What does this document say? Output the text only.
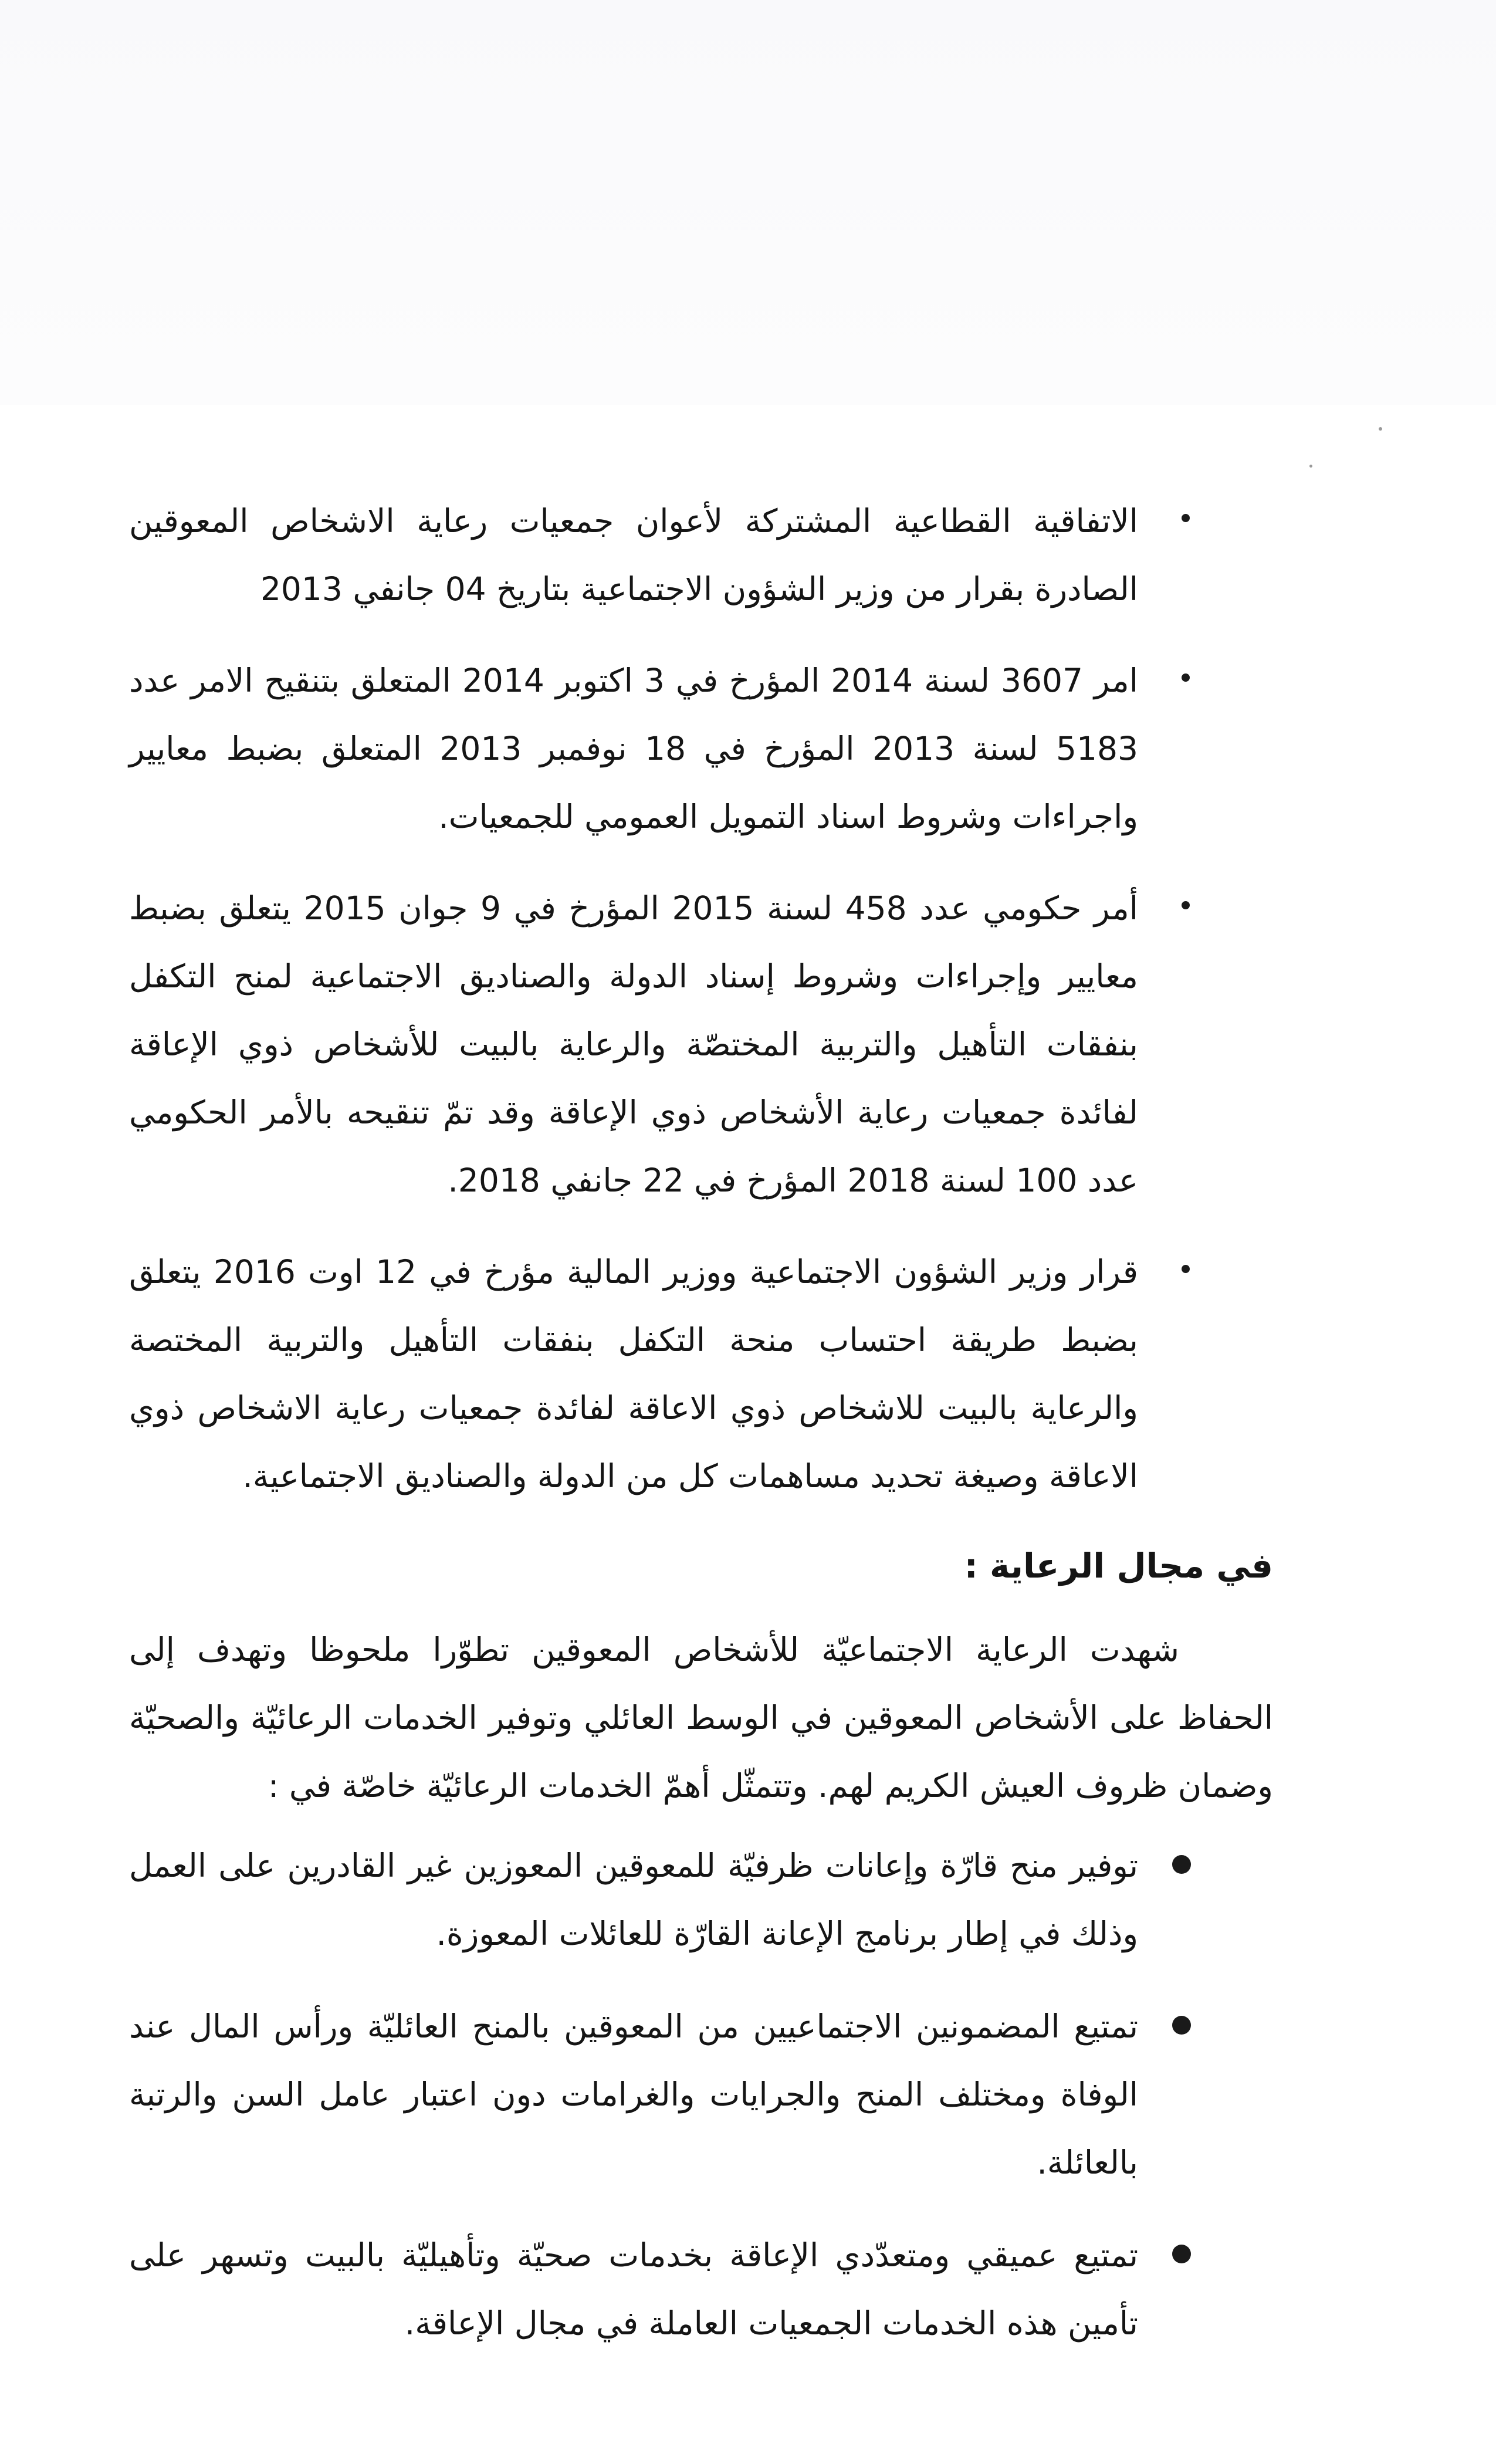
الاتفاقية القطاعية المشتركة لأعوان جمعيات رعاية الاشخاص المعوقين الصادرة بقرار من وزير الشؤون الاجتماعية بتاريخ 04 جانفي 2013
امر 3607 لسنة 2014 المؤرخ في 3 اكتوبر 2014 المتعلق بتنقيح الامر عدد 5183 لسنة 2013 المؤرخ في 18 نوفمبر 2013 المتعلق بضبط معايير واجراءات وشروط اسناد التمويل العمومي للجمعيات.
أمر حكومي عدد 458 لسنة 2015 المؤرخ في 9 جوان 2015 يتعلق بضبط معايير وإجراءات وشروط إسناد الدولة والصناديق الاجتماعية لمنح التكفل بنفقات التأهيل والتربية المختصّة والرعاية بالبيت للأشخاص ذوي الإعاقة لفائدة جمعيات رعاية الأشخاص ذوي الإعاقة وقد تمّ تنقيحه بالأمر الحكومي عدد 100 لسنة 2018 المؤرخ في 22 جانفي 2018.
قرار وزير الشؤون الاجتماعية ووزير المالية مؤرخ في 12 اوت 2016 يتعلق بضبط طريقة احتساب منحة التكفل بنفقات التأهيل والتربية المختصة والرعاية بالبيت للاشخاص ذوي الاعاقة لفائدة جمعيات رعاية الاشخاص ذوي الاعاقة وصيغة تحديد مساهمات كل من الدولة والصناديق الاجتماعية.
في مجال الرعاية :

شهدت الرعاية الاجتماعيّة للأشخاص المعوقين تطوّرا ملحوظا وتهدف إلى الحفاظ على الأشخاص المعوقين في الوسط العائلي وتوفير الخدمات الرعائيّة والصحيّة وضمان ظروف العيش الكريم لهم. وتتمثّل أهمّ الخدمات الرعائيّة خاصّة في :

توفير منح قارّة وإعانات ظرفيّة للمعوقين المعوزين غير القادرين على العمل وذلك في إطار برنامج الإعانة القارّة للعائلات المعوزة.
تمتيع المضمونين الاجتماعيين من المعوقين بالمنح العائليّة ورأس المال عند الوفاة ومختلف المنح والجرايات والغرامات دون اعتبار عامل السن والرتبة بالعائلة.
تمتيع عميقي ومتعدّدي الإعاقة بخدمات صحيّة وتأهيليّة بالبيت وتسهر على تأمين هذه الخدمات الجمعيات العاملة في مجال الإعاقة.
